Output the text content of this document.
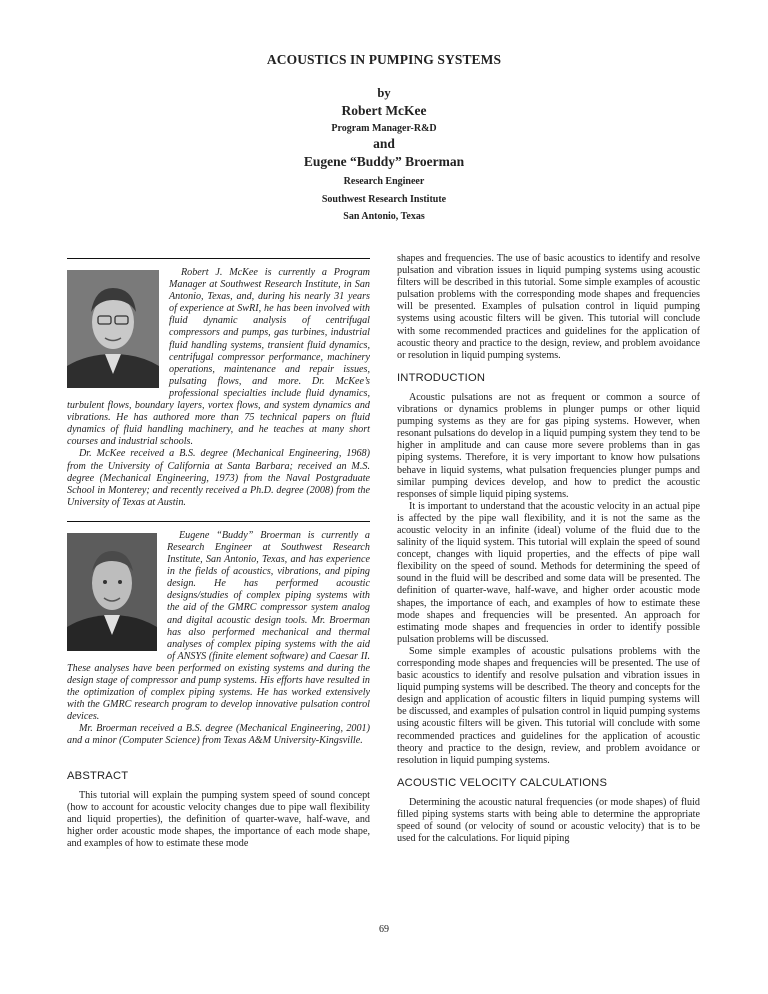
ACOUSTICS IN PUMPING SYSTEMS
by
Robert McKee
Program Manager-R&D
and
Eugene “Buddy” Broerman
Research Engineer
Southwest Research Institute
San Antonio, Texas

Robert J. McKee is currently a Program Manager at Southwest Research Institute, in San Antonio, Texas, and, during his nearly 31 years of experience at SwRI, he has been involved with fluid dynamic analysis of centrifugal compressors and pumps, gas turbines, industrial fluid handling systems, transient fluid dynamics, centrifugal compressor performance, machinery operations, maintenance and repair issues, pulsating flows, and more. Dr. McKee’s professional specialties include fluid dynamics, turbulent flows, boundary layers, vortex flows, and system dynamics and vibrations. He has authored more than 75 technical papers on fluid dynamics of fluid handling machinery, and he teaches at many short courses and industrial schools.

Dr. McKee received a B.S. degree (Mechanical Engineering, 1968) from the University of California at Santa Barbara; received an M.S. degree (Mechanical Engineering, 1973) from the Naval Postgraduate School in Monterey; and recently received a Ph.D. degree (2008) from the University of Texas at Austin.

Eugene “Buddy” Broerman is currently a Research Engineer at Southwest Research Institute, San Antonio, Texas, and has experience in the fields of acoustics, vibrations, and piping design. He has performed acoustic designs/studies of complex piping systems with the aid of the GMRC compressor system analog and digital acoustic design tools. Mr. Broerman has also performed mechanical and thermal analyses of complex piping systems with the aid of ANSYS (finite element software) and Caesar II. These analyses have been performed on existing systems and during the design stage of compressor and pump systems. His efforts have resulted in the optimization of complex piping systems. He has worked extensively with the GMRC research program to develop innovative pulsation control devices.

Mr. Broerman received a B.S. degree (Mechanical Engineering, 2001) and a minor (Computer Science) from Texas A&M University-Kingsville.

ABSTRACT

This tutorial will explain the pumping system speed of sound concept (how to account for acoustic velocity changes due to pipe wall flexibility and liquid properties), the definition of quarter-wave, half-wave, and higher order acoustic mode shapes, the importance of each mode shape, and examples of how to estimate these mode

shapes and frequencies. The use of basic acoustics to identify and resolve pulsation and vibration issues in liquid pumping systems using acoustic filters will be described in this tutorial. Some simple examples of acoustic pulsation problems with the corresponding mode shapes and frequencies will be presented. Examples of pulsation control in liquid pumping systems using acoustic filters will be given. This tutorial will conclude with some recommended practices and guidelines for the application of acoustic theory and practice to the design, review, and problem avoidance or resolution in liquid pumping systems.

INTRODUCTION

Acoustic pulsations are not as frequent or common a source of vibrations or dynamics problems in plunger pumps or other liquid pumping systems as they are for gas piping systems. However, when resonant pulsations do develop in a liquid pumping system they tend to be higher in amplitude and can cause more severe problems than in gas piping systems. Therefore, it is very important to know how pulsations behave in liquid systems, what pulsation frequencies plunger pumps and similar pumping devices develop, and how to predict the acoustic responses of simple liquid piping systems.

It is important to understand that the acoustic velocity in an actual pipe is affected by the pipe wall flexibility, and it is not the same as the acoustic velocity in an infinite (ideal) volume of the fluid due to the salinity of the liquid system. This tutorial will explain the speed of sound concept, changes with liquid properties, and the effects of pipe wall flexibility on the speed of sound. Methods for determining the speed of sound in the fluid will be described and some data will be presented. The definition of quarter-wave, half-wave, and higher order acoustic mode shapes, the importance of each, and examples of how to estimate these mode shapes and frequencies will be presented. An approach for estimating mode shapes and frequencies in order to identify possible pulsation problems will be discussed.

Some simple examples of acoustic pulsations problems with the corresponding mode shapes and frequencies will be presented. The use of basic acoustics to identify and resolve pulsation and vibration issues in liquid pumping systems will be described. The theory and concepts for the design and application of acoustic filters in liquid pumping systems will be discussed, and examples of pulsation control in liquid pumping systems using acoustic filters will be given. This tutorial will conclude with some recommended practices and guidelines for the application of acoustic theory and practice to the design, review, and problem avoidance or resolution in liquid pumping systems.

ACOUSTIC VELOCITY CALCULATIONS

Determining the acoustic natural frequencies (or mode shapes) of fluid filled piping systems starts with being able to determine the appropriate speed of sound (or velocity of sound or acoustic velocity) that is to be used for the calculations. For liquid piping

69
